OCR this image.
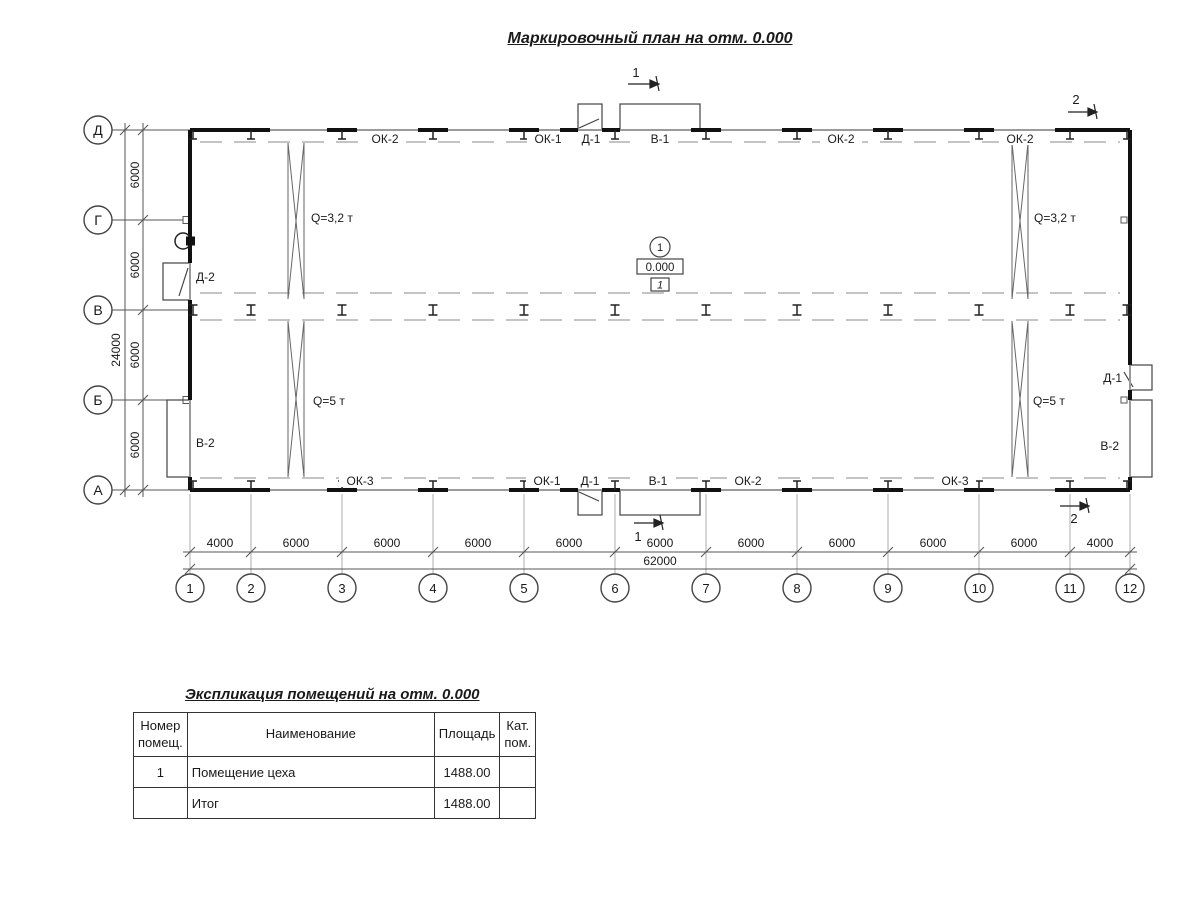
Маркировочный план на отм. 0.000
6000
6000
6000
6000
24000
4000	6000	6000	6000	6000	6000	6000	6000	6000	6000	4000
62000
Д
Г
В
Б
А
1	2	3	4	5	6	7	8	9	10	11	12
ОК-2	ОК-1 Д-1	В-1	ОК-2	ОК-2
ОК-3	ОК-1 Д-1	В-1	ОК-2	ОК-3
Д-2
В-2
Д-1
В-2
Q=3,2 т
Q=5 т
Q=3,2 т
Q=5 т
1
0.000
1
1
2
1
2
Экспликация помещений на отм. 0.000
Номер
помещ.	Наименование	Площадь	Кат.
пом.
1	Помещение цеха	1488.00	
	Итог	1488.00	
